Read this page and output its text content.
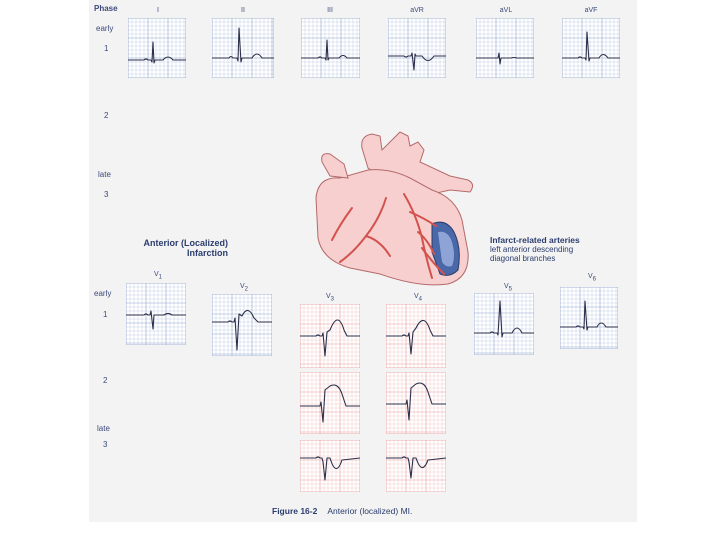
Phase
early
1
2
late
3
I	II	III	aVR	aVL	aVF
Anterior (Localized)
Infarction
Infarct-related arteries
left anterior descending
diagonal branches
early
1
2
late
3
$V_1$
$V_2$
$V_3$	$V_4$
$V_5$
$V_6$
Figure 16-2 Anterior (localized) MI.
